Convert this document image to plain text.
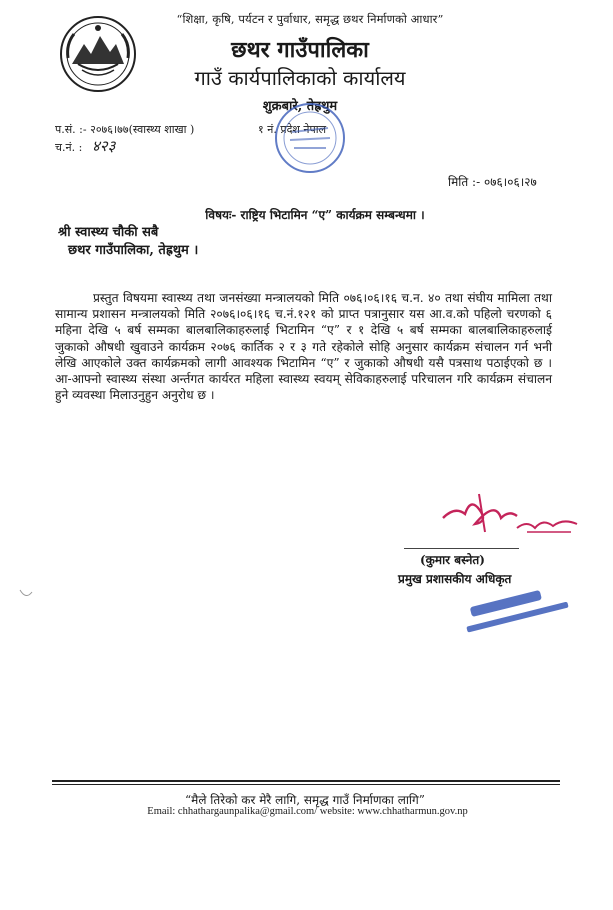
“शिक्षा, कृषि, पर्यटन र पुर्वाधार, समृद्ध छथर निर्माणको आधार”
छथर गाउँपालिका
गाउँ कार्यपालिकाको कार्यालय
शुक्रबारे, तेह्रथुम
प.सं. :- २०७६।७७(स्वास्थ्य शाखा )	१ नं. प्रदेश नेपाल
च.नं. : ४२३
मिति :- ०७६।०६।२७
विषयः- राष्ट्रिय भिटामिन “ए” कार्यक्रम सम्बन्धमा ।
श्री स्वास्थ्य चौकी सबै
छथर गाउँपालिका, तेह्रथुम ।

प्रस्तुत विषयमा स्वास्थ्य तथा जनसंख्या मन्त्रालयको मिति ०७६।०६।१६ च.न. ४० तथा संघीय मामिला तथा सामान्य प्रशासन मन्त्रालयको मिति २०७६।०६।१६ च.नं.१२१ को प्राप्त पत्रानुसार यस आ.व.को पहिलो चरणको ६ महिना देखि ५ बर्ष सम्मका बालबालिकाहरुलाई भिटामिन “ए” र १ देखि ५ बर्ष सम्मका बालबालिकाहरुलाई जुकाको औषधी खुवाउने कार्यक्रम २०७६ कार्तिक २ र ३ गते रहेकोले सोहि अनुसार कार्यक्रम संचालन गर्न भनी लेखि आएकोले उक्त कार्यक्रमको लागी आवश्यक भिटामिन “ए” र जुकाको औषधी यसै पत्रसाथ पठाईएको छ । आ-आफ्नो स्वास्थ्य संस्था अर्न्तगत कार्यरत महिला स्वास्थ्य स्वयम् सेविकाहरुलाई परिचालन गरि कार्यक्रम संचालन हुने व्यवस्था मिलाउनुहुन अनुरोध छ ।

(कुमार बस्नेत)
प्रमुख प्रशासकीय अधिकृत
“मैले तिरेको कर मेरै लागि, समृद्ध गाउँ निर्माणका लागि”
Email: chhathargaunpalika@gmail.com/ website: www.chhatharmun.gov.np
